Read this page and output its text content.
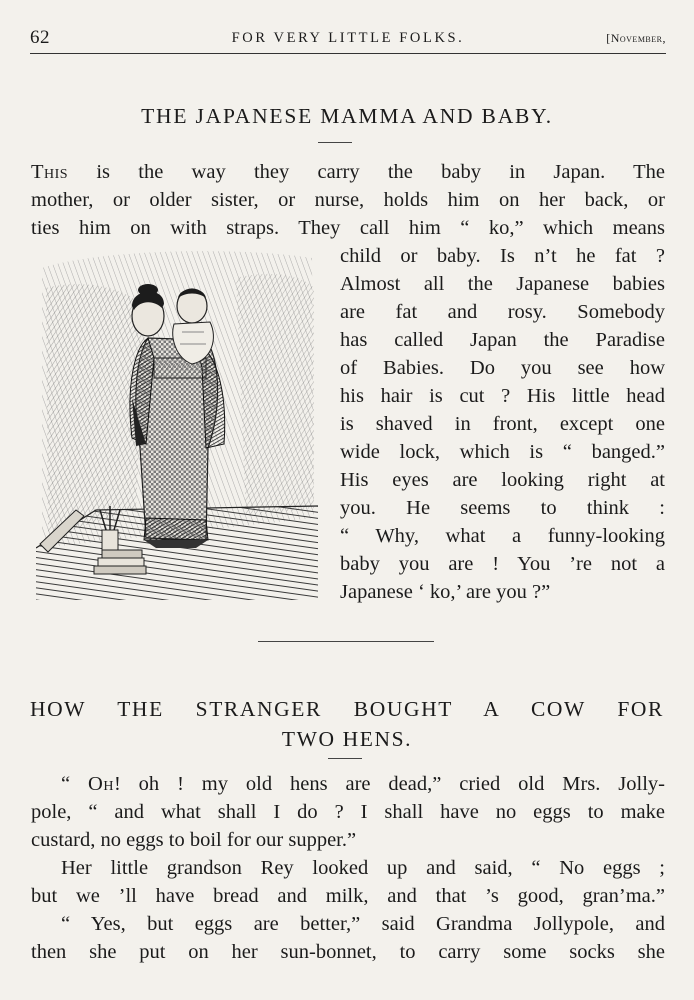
62	FOR VERY LITTLE FOLKS.	[November,
THE JAPANESE MAMMA AND BABY.
This is the way they carry the baby in Japan. The
mother, or older sister, or nurse, holds him on her back, or
ties him on with straps. They call him “ ko,” which means
child or baby. Is n’t he fat ?
Almost all the Japanese babies
are fat and rosy. Somebody
has called Japan the Paradise
of Babies. Do you see how
his hair is cut ? His little head
is shaved in front, except one
wide lock, which is “ banged.”
His eyes are looking right at
you. He seems to think :
“ Why, what a funny-looking
baby you are ! You ’re not a
Japanese ‘ ko,’ are you ?”
HOW THE STRANGER BOUGHT A COW FOR
TWO HENS.
“ Oh! oh ! my old hens are dead,” cried old Mrs. Jolly-
pole, “ and what shall I do ? I shall have no eggs to make
custard, no eggs to boil for our supper.”
Her little grandson Rey looked up and said, “ No eggs ;
but we ’ll have bread and milk, and that ’s good, gran’ma.”
“ Yes, but eggs are better,” said Grandma Jollypole, and
then she put on her sun-bonnet, to carry some socks she
